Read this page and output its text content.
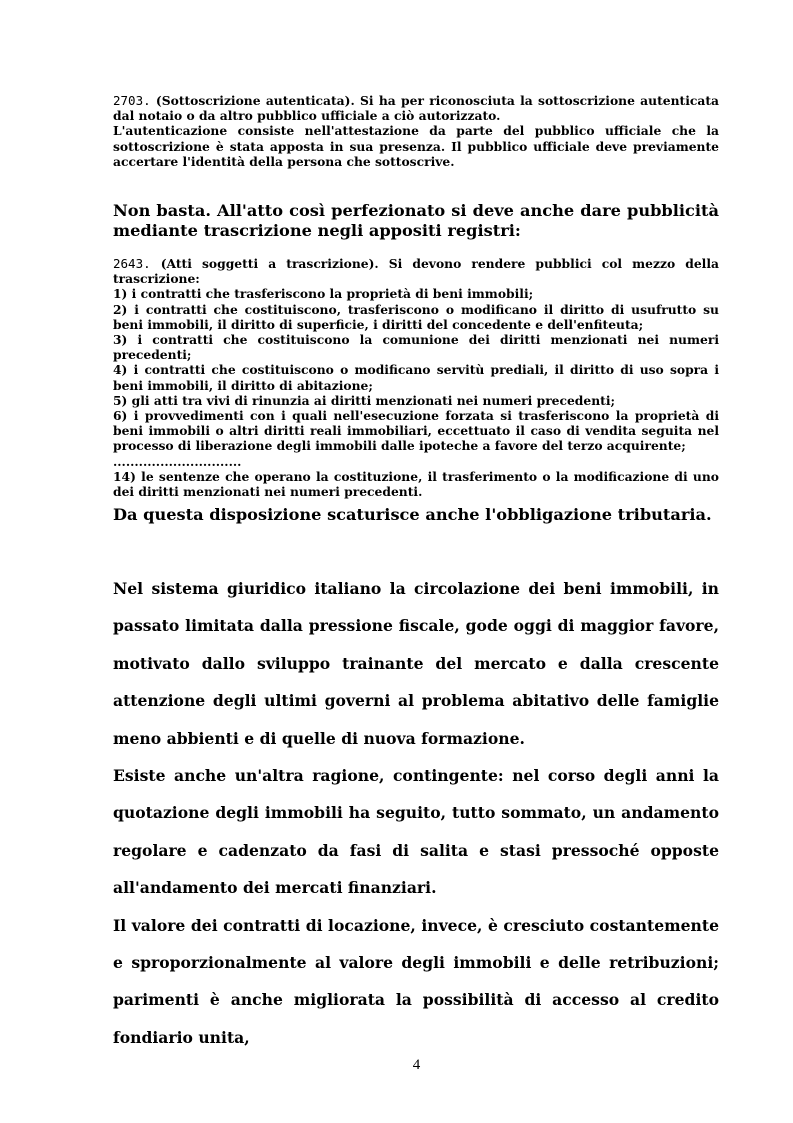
2703. (Sottoscrizione autenticata). Si ha per riconosciuta la sottoscrizione autenticata dal notaio o da altro pubblico ufficiale a ciò autorizzato.

L'autenticazione consiste nell'attestazione da parte del pubblico ufficiale che la sottoscrizione è stata apposta in sua presenza. Il pubblico ufficiale deve previamente accertare l'identità della persona che sottoscrive.

Non basta. All'atto così perfezionato si deve anche dare pubblicità mediante trascrizione negli appositi registri:

2643. (Atti soggetti a trascrizione). Si devono rendere pubblici col mezzo della trascrizione:

1) i contratti che trasferiscono la proprietà di beni immobili;

2) i contratti che costituiscono, trasferiscono o modificano il diritto di usufrutto su beni immobili, il diritto di superficie, i diritti del concedente e dell'enfiteuta;

3) i contratti che costituiscono la comunione dei diritti menzionati nei numeri precedenti;

4) i contratti che costituiscono o modificano servitù prediali, il diritto di uso sopra i beni immobili, il diritto di abitazione;

5) gli atti tra vivi di rinunzia ai diritti menzionati nei numeri precedenti;

6) i provvedimenti con i quali nell'esecuzione forzata si trasferiscono la proprietà di beni immobili o altri diritti reali immobiliari, eccettuato il caso di vendita seguita nel processo di liberazione degli immobili dalle ipoteche a favore del terzo acquirente;

..............................

14) le sentenze che operano la costituzione, il trasferimento o la modificazione di uno dei diritti menzionati nei numeri precedenti.

Da questa disposizione scaturisce anche l'obbligazione tributaria.

Nel sistema giuridico italiano la circolazione dei beni immobili, in passato limitata dalla pressione fiscale, gode oggi di maggior favore, motivato dallo sviluppo trainante del mercato e dalla crescente attenzione degli ultimi governi al problema abitativo delle famiglie meno abbienti e di quelle di nuova formazione.

Esiste anche un'altra ragione, contingente: nel corso degli anni la quotazione degli immobili ha seguito, tutto sommato, un andamento regolare e cadenzato da fasi di salita e stasi pressoché opposte all'andamento dei mercati finanziari.

Il valore dei contratti di locazione, invece, è cresciuto costantemente e sproporzionalmente al valore degli immobili e delle retribuzioni; parimenti è anche migliorata la possibilità di accesso al credito fondiario unita,

4
